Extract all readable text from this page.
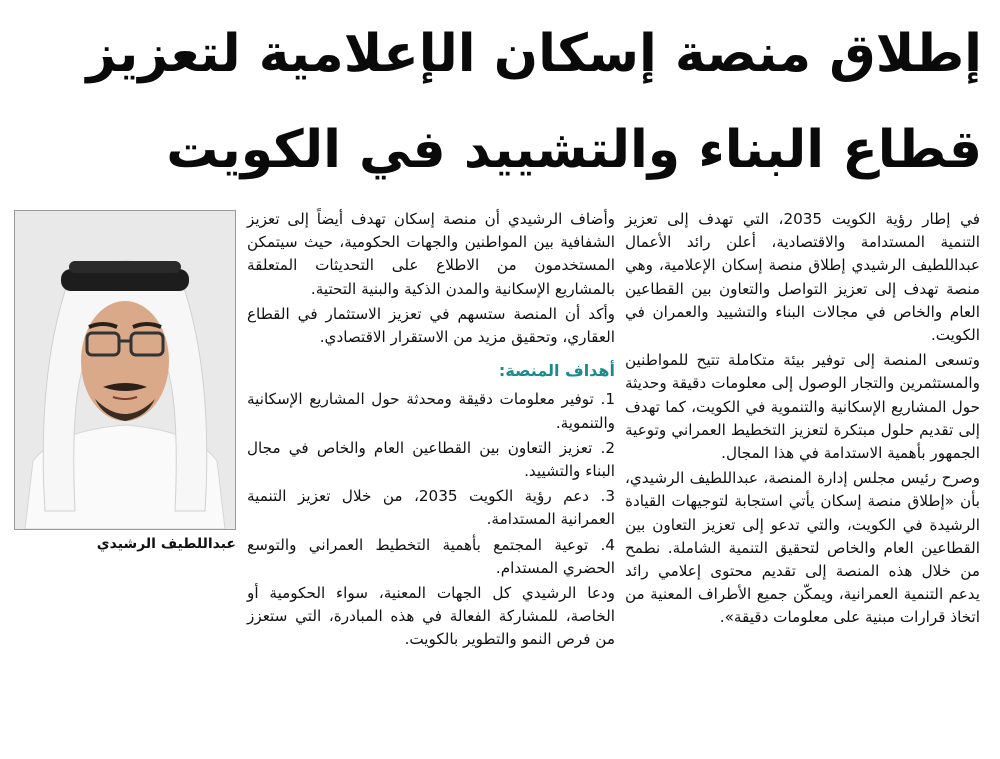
إطلاق منصة إسكان الإعلامية لتعزيز قطاع البناء والتشييد في الكويت

في إطار رؤية الكويت 2035، التي تهدف إلى تعزيز التنمية المستدامة والاقتصادية، أعلن رائد الأعمال عبداللطيف الرشيدي إطلاق منصة إسكان الإعلامية، وهي منصة تهدف إلى تعزيز التواصل والتعاون بين القطاعين العام والخاص في مجالات البناء والتشييد والعمران في الكويت.

وتسعى المنصة إلى توفير بيئة متكاملة تتيح للمواطنين والمستثمرين والتجار الوصول إلى معلومات دقيقة وحديثة حول المشاريع الإسكانية والتنموية في الكويت، كما تهدف إلى تقديم حلول مبتكرة لتعزيز التخطيط العمراني وتوعية الجمهور بأهمية الاستدامة في هذا المجال.

وصرح رئيس مجلس إدارة المنصة، عبداللطيف الرشيدي، بأن «إطلاق منصة إسكان يأتي استجابة لتوجيهات القيادة الرشيدة في الكويت، والتي تدعو إلى تعزيز التعاون بين القطاعين العام والخاص لتحقيق التنمية الشاملة. نطمح من خلال هذه المنصة إلى تقديم محتوى إعلامي رائد يدعم التنمية العمرانية، ويمكّن جميع الأطراف المعنية من اتخاذ قرارات مبنية على معلومات دقيقة».

وأضاف الرشيدي أن منصة إسكان تهدف أيضاً إلى تعزيز الشفافية بين المواطنين والجهات الحكومية، حيث سيتمكن المستخدمون من الاطلاع على التحديثات المتعلقة بالمشاريع الإسكانية والمدن الذكية والبنية التحتية.

وأكد أن المنصة ستسهم في تعزيز الاستثمار في القطاع العقاري، وتحقيق مزيد من الاستقرار الاقتصادي.

أهداف المنصة:

1. توفير معلومات دقيقة ومحدثة حول المشاريع الإسكانية والتنموية.

2. تعزيز التعاون بين القطاعين العام والخاص في مجال البناء والتشييد.

3. دعم رؤية الكويت 2035، من خلال تعزيز التنمية العمرانية المستدامة.

4. توعية المجتمع بأهمية التخطيط العمراني والتوسع الحضري المستدام.

ودعا الرشيدي كل الجهات المعنية، سواء الحكومية أو الخاصة، للمشاركة الفعالة في هذه المبادرة، التي ستعزز من فرص النمو والتطوير بالكويت.

عبداللطيف الرشيدي
